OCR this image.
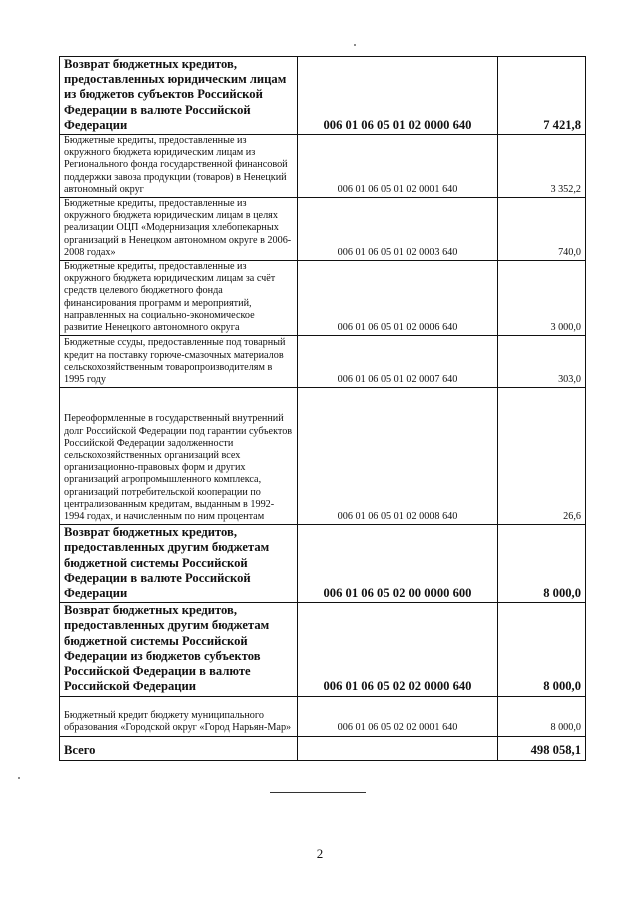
Возврат бюджетных кредитов, предоставленных юридическим лицам из бюджетов субъектов Российской Федерации в валюте Российской Федерации	006 01 06 05 01 02 0000 640	7 421,8
Бюджетные кредиты, предоставленные из окружного бюджета юридическим лицам из Регионального фонда государственной финансовой поддержки завоза продукции (товаров) в Ненецкий автономный округ	006 01 06 05 01 02 0001 640	3 352,2
Бюджетные кредиты, предоставленные из окружного бюджета юридическим лицам в целях реализации ОЦП «Модернизация хлебопекарных организаций в Ненецком автономном округе в 2006-2008 годах»	006 01 06 05 01 02 0003 640	740,0
Бюджетные кредиты, предоставленные из окружного бюджета юридическим лицам за счёт средств целевого бюджетного фонда финансирования программ и мероприятий, направленных на социально-экономическое развитие Ненецкого автономного округа	006 01 06 05 01 02 0006 640	3 000,0
Бюджетные ссуды, предоставленные под товарный кредит на поставку горюче-смазочных материалов сельскохозяйственным товаропроизводителям в 1995 году	006 01 06 05 01 02 0007 640	303,0
Переоформленные в государственный внутренний долг Российской Федерации под гарантии субъектов Российской Федерации задолженности сельскохозяйственных организаций всех организационно-правовых форм и других организаций агропромышленного комплекса, организаций потребительской кооперации по централизованным кредитам, выданным в 1992-1994 годах, и начисленным по ним процентам	006 01 06 05 01 02 0008 640	26,6
Возврат бюджетных кредитов, предоставленных другим бюджетам бюджетной системы Российской Федерации в валюте Российской Федерации	006 01 06 05 02 00 0000 600	8 000,0
Возврат бюджетных кредитов, предоставленных другим бюджетам бюджетной системы Российской Федерации из бюджетов субъектов Российской Федерации в валюте Российской Федерации	006 01 06 05 02 02 0000 640	8 000,0
Бюджетный кредит бюджету муниципального образования «Городской округ «Город Нарьян-Мар»	006 01 06 05 02 02 0001 640	8 000,0
Всего		498 058,1
2
